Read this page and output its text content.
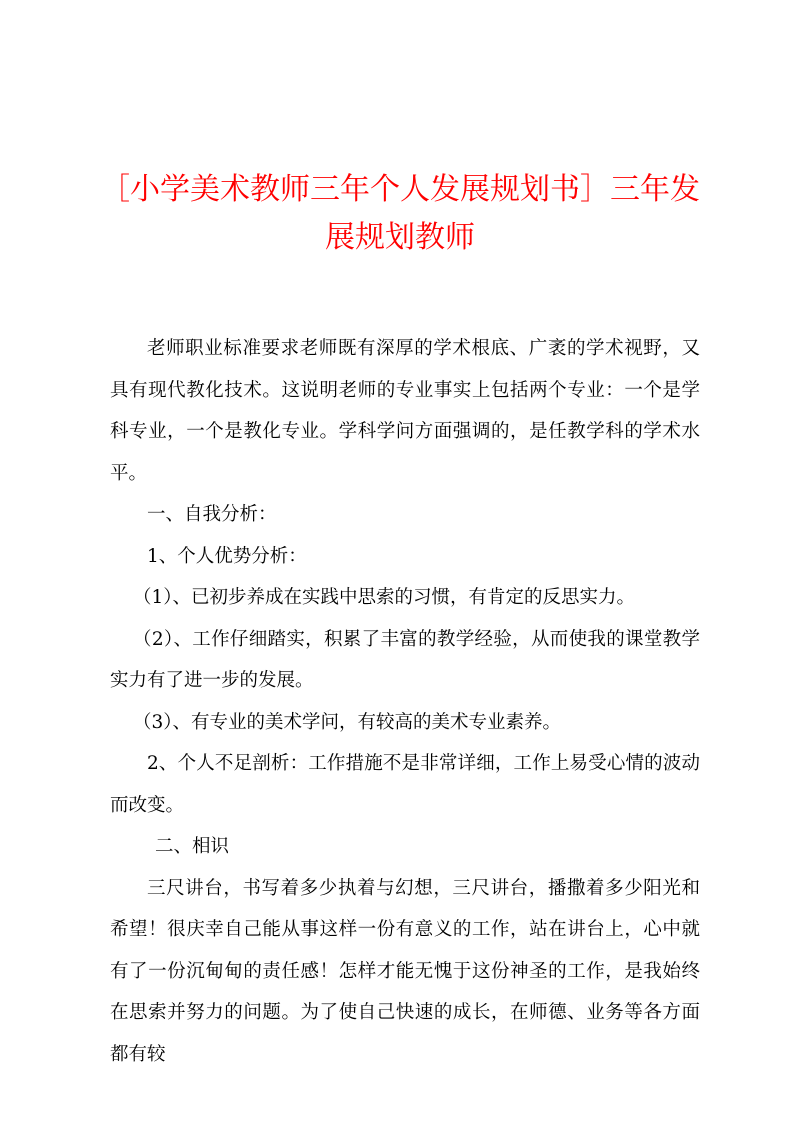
［小学美术教师三年个人发展规划书］三年发展规划教师

老师职业标准要求老师既有深厚的学术根底、广袤的学术视野，又具有现代教化技术。这说明老师的专业事实上包括两个专业：一个是学科专业，一个是教化专业。学科学问方面强调的，是任教学科的学术水平。

一、自我分析：

1、个人优势分析：

（1）、已初步养成在实践中思索的习惯，有肯定的反思实力。

（2）、工作仔细踏实，积累了丰富的教学经验，从而使我的课堂教学实力有了进一步的发展。

（3）、有专业的美术学问，有较高的美术专业素养。

2、个人不足剖析：工作措施不是非常详细，工作上易受心情的波动而改变。

二、相识

三尺讲台，书写着多少执着与幻想，三尺讲台，播撒着多少阳光和希望！很庆幸自己能从事这样一份有意义的工作，站在讲台上，心中就有了一份沉甸甸的责任感！怎样才能无愧于这份神圣的工作，是我始终在思索并努力的问题。为了使自己快速的成长，在师德、业务等各方面都有较
